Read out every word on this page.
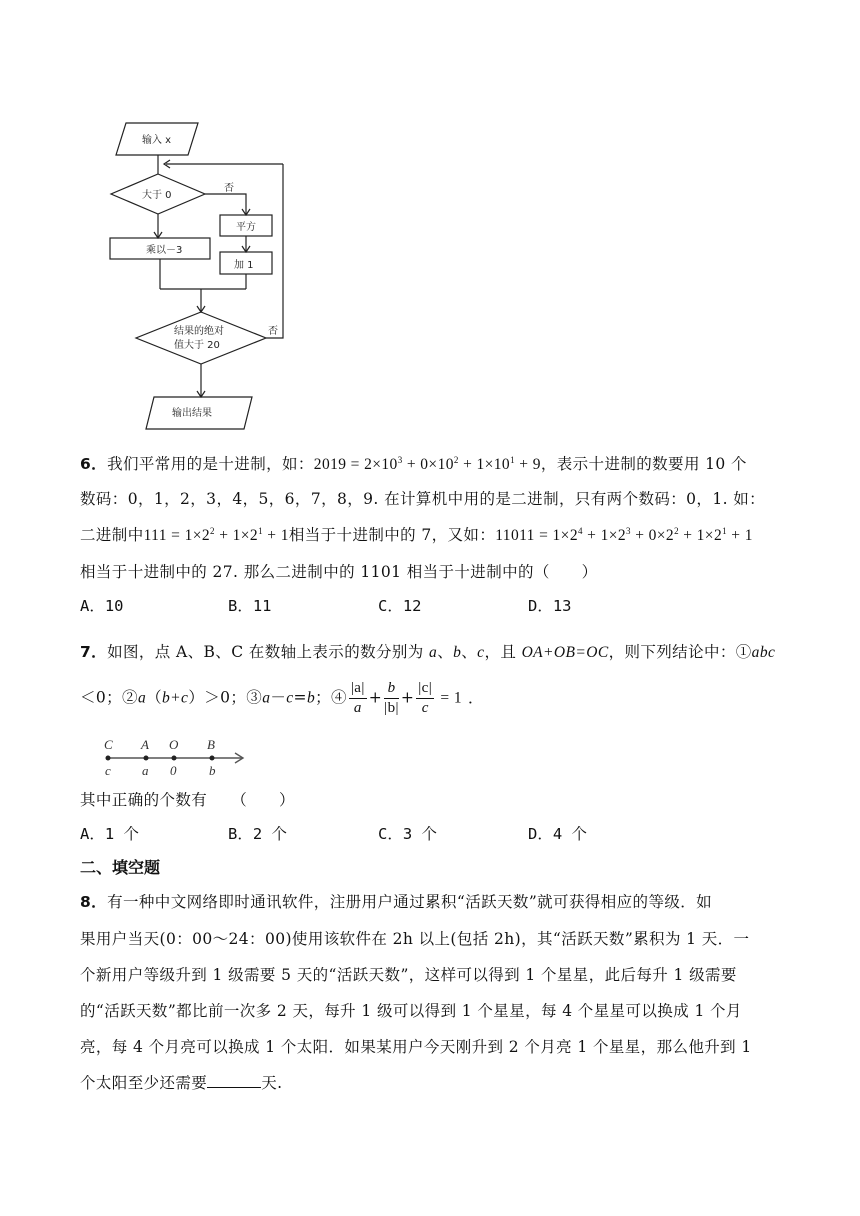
输入 x
大于 0
否
平方
乘以－3
加 1
结果的绝对
值大于 20
否
输出结果
6．我们平常用的是十进制，如：$2019 = 2\times 10^3 + 0\times 10^2 + 1\times 10^1 + 9$，表示十进制的数要用 10 个
数码：0，1，2，3，4，5，6，7，8，9. 在计算机中用的是二进制，只有两个数码：0，1. 如：
二进制中$111 = 1\times 2^2 + 1\times 2^1 + 1$相当于十进制中的 7，又如：$11011 = 1\times 2^4 + 1\times 2^3 + 0\times 2^2 + 1\times 2^1 + 1$
相当于十进制中的 27. 那么二进制中的 1101 相当于十进制中的（　　）
A．10	B．11	C．12	D．13
7．如图，点 A、B、C 在数轴上表示的数分别为 a、b、c，且 OA+OB=OC，则下列结论中：①abc
＜0；②a（b+c）＞0；③a－c=b；④ $\frac{|a|}{a} + \frac{b}{|b|} + \frac{|c|}{c} = 1$ ．
C A O B
c a 0	b
其中正确的个数有　　（　　）
A．1 个	B．2 个	C．3 个	D．4 个
二、填空题
8．有一种中文网络即时通讯软件，注册用户通过累积“活跃天数”就可获得相应的等级．如
果用户当天(0：00～24：00)使用该软件在 2h 以上(包括 2h)，其“活跃天数”累积为 1 天．一
个新用户等级升到 1 级需要 5 天的“活跃天数”，这样可以得到 1 个星星，此后每升 1 级需要
的“活跃天数”都比前一次多 2 天，每升 1 级可以得到 1 个星星，每 4 个星星可以换成 1 个月
亮，每 4 个月亮可以换成 1 个太阳．如果某用户今天刚升到 2 个月亮 1 个星星，那么他升到 1
个太阳至少还需要	天.
